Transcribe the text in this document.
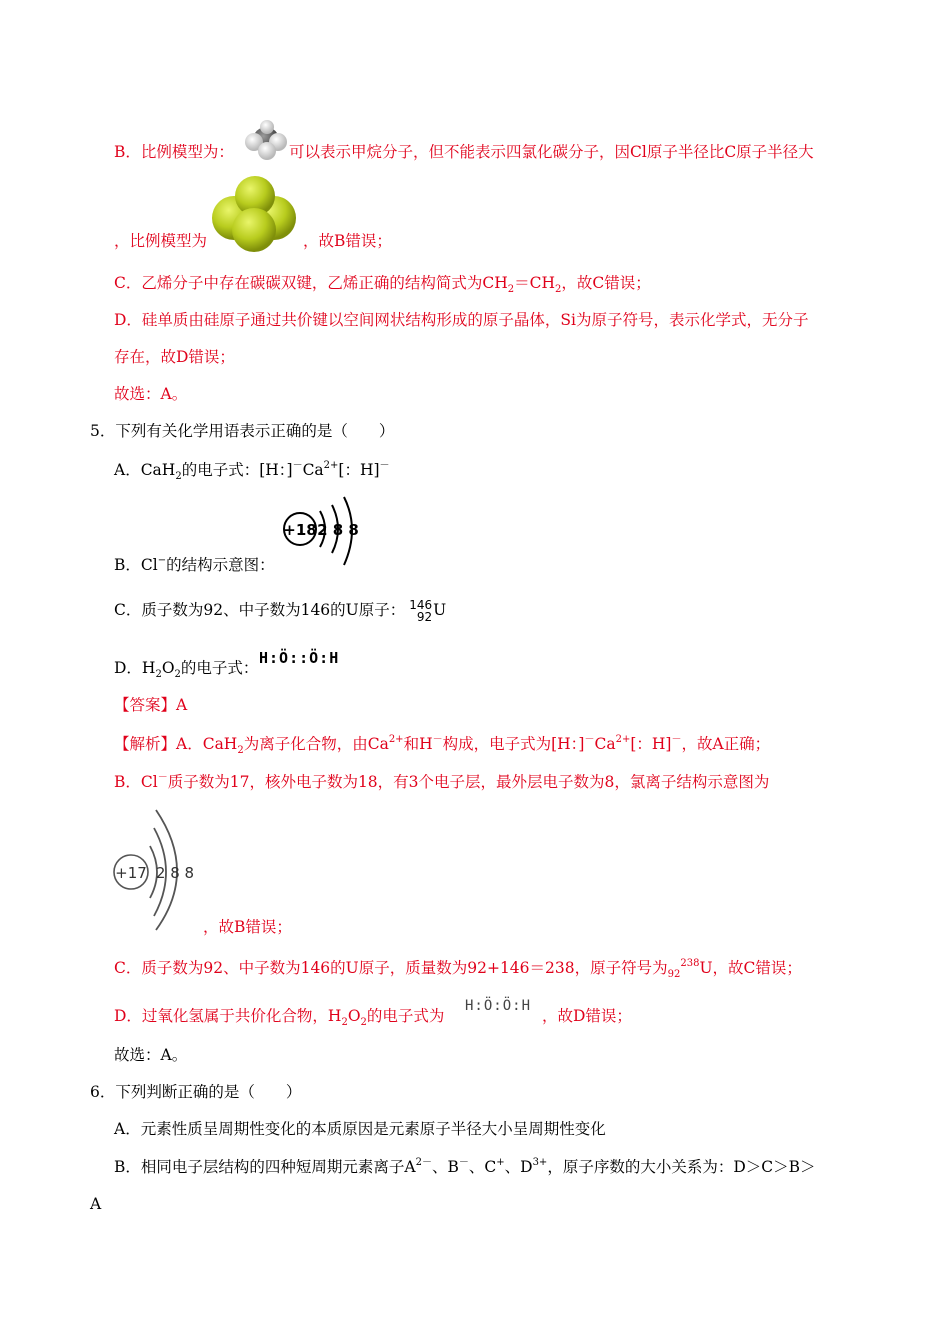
B．比例模型为：	可以表示甲烷分子，但不能表示四氯化碳分子，因Cl原子半径比C原子半径大
，比例模型为	，故B错误；
C．乙烯分子中存在碳碳双键，乙烯正确的结构简式为$CH_2=CH_2$，故C错误；
D．硅单质由硅原子通过共价键以空间网状结构形成的原子晶体，Si为原子符号，表示化学式，无分子
存在，故D错误；
故选：A。
5．下列有关化学用语表示正确的是（　　）
A．CaH$_2$的电子式：[H：]$^-Ca^{2+}$[：H]－
B．Cl−的结构示意图：
+18 2 8 8
C．质子数为92、中子数为146的U原子： 146
92 U
D．$H_2O_2$的电子式：
H:Ö::Ö:H
【答案】A
【解析】A．CaH$_2$为离子化合物，由$Ca^{2+}$和H－构成，电子式为[H：]$^-Ca^{2+}$[：H]－，故A正确；
B．Cl－质子数为17，核外电子数为18，有3个电子层，最外层电子数为8，氯离子结构示意图为
+17 2 8 8
，故B错误；
C．质子数为92、中子数为146的U原子，质量数为92+146＝238，原子符号为$_{92}^{238}$U，故C错误；
D．过氧化氢属于共价化合物，$H_2O_2$的电子式为
H:Ö:Ö:H
，故D错误；
故选：A。
6．下列判断正确的是（　　）
A．元素性质呈周期性变化的本质原因是元素原子半径大小呈周期性变化
B．相同电子层结构的四种短周期元素离子$A^{2-}$、B－、C+、$D^{3+}$，原子序数的大小关系为：D＞C＞B＞
A
